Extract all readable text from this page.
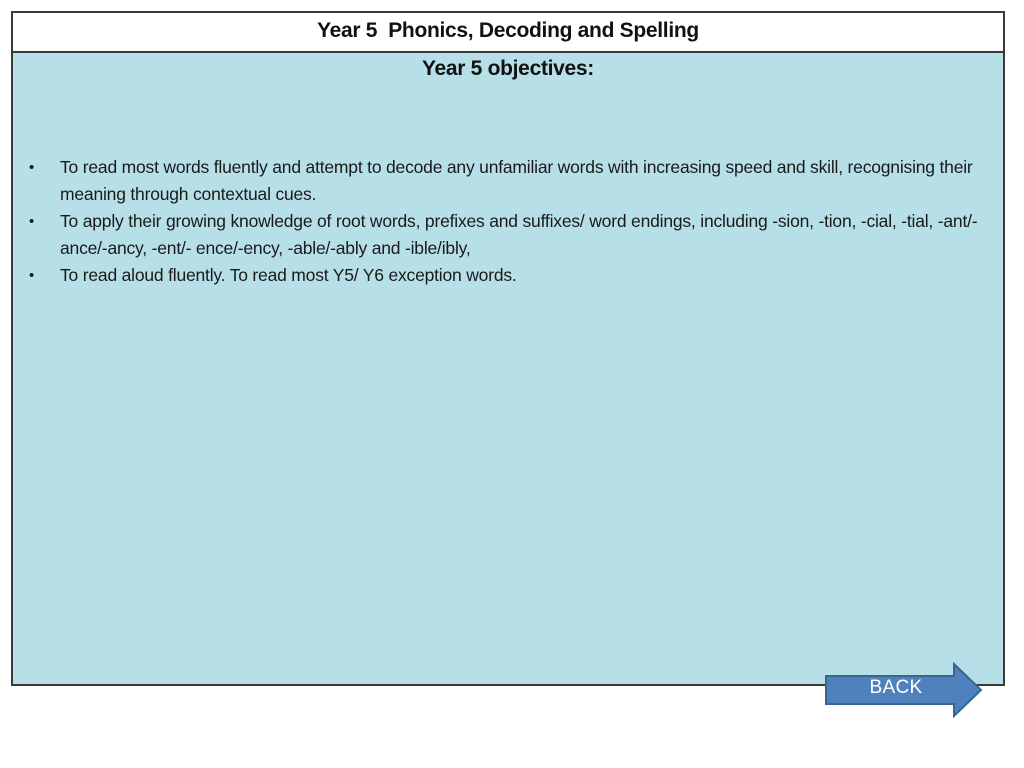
Year 5  Phonics, Decoding and Spelling
Year 5 objectives:
• To read most words fluently and attempt to decode any unfamiliar words with increasing speed and skill, recognising their meaning through contextual cues.
• To apply their growing knowledge of root words, prefixes and suffixes/ word endings, including -sion, -tion, -cial, -tial, -ant/-ance/-ancy, -ent/- ence/-ency, -able/-ably and -ible/ibly,
• To read aloud fluently. To read most Y5/ Y6 exception words.
BACK
